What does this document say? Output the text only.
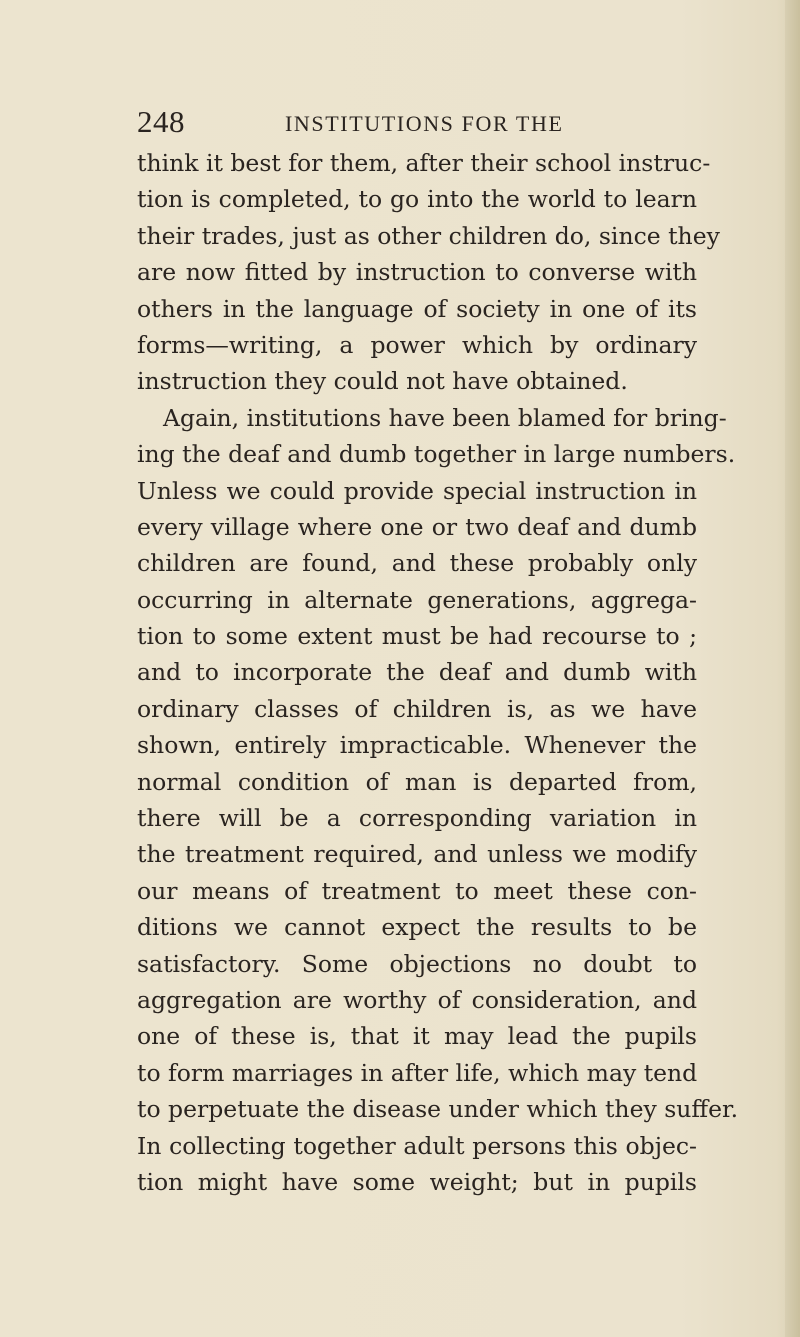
248	INSTITUTIONS FOR THE
think it best for them, after their school instruc-
tion is completed, to go into the world to learn
their trades, just as other children do, since they
are now fitted by instruction to converse with
others in the language of society in one of its
forms—writing, a power which by ordinary
instruction they could not have obtained.
Again, institutions have been blamed for bring-
ing the deaf and dumb together in large numbers.
Unless we could provide special instruction in
every village where one or two deaf and dumb
children are found, and these probably only
occurring in alternate generations, aggrega-
tion to some extent must be had recourse to ;
and to incorporate the deaf and dumb with
ordinary classes of children is, as we have
shown, entirely impracticable. Whenever the
normal condition of man is departed from,
there will be a corresponding variation in
the treatment required, and unless we modify
our means of treatment to meet these con-
ditions we cannot expect the results to be
satisfactory. Some objections no doubt to
aggregation are worthy of consideration, and
one of these is, that it may lead the pupils
to form marriages in after life, which may tend
to perpetuate the disease under which they suffer.
In collecting together adult persons this objec-
tion might have some weight; but in pupils
